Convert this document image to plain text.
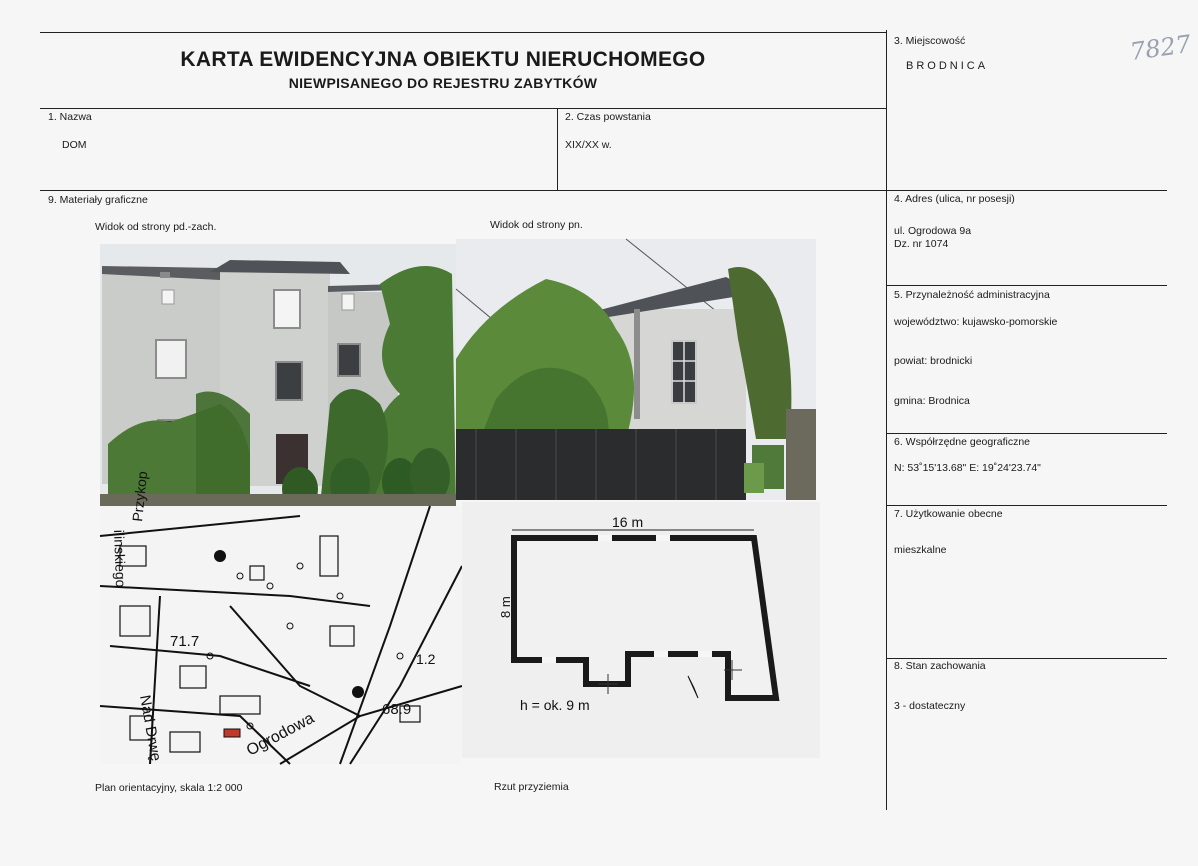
KARTA EWIDENCYJNA OBIEKTU NIERUCHOMEGO
NIEWPISANEGO DO REJESTRU ZABYTKÓW
3. Miejscowość
BRODNICA	7827
1. Nazwa
DOM
2. Czas powstania
XIX/XX w.
9. Materiały graficzne	4. Adres (ulica, nr posesji)
ul. Ogrodowa 9a
Dz. nr 1074
5. Przynależność administracyjna
województwo: kujawsko-pomorskie
powiat: brodnicki
gmina: Brodnica
6. Współrzędne geograficzne
N: 53˚15'13.68" E: 19˚24'23.74"
7. Użytkowanie obecne
mieszkalne
8. Stan zachowania
3 - dostateczny
Widok od strony pd.-zach.	Widok od strony pn.
71.7
68.9
1.2
Ogrodowa
Nad Drwę
Przykop
ilinskiego
16 m
8 m
h = ok. 9 m
Plan orientacyjny, skala 1:2 000	Rzut przyziemia
